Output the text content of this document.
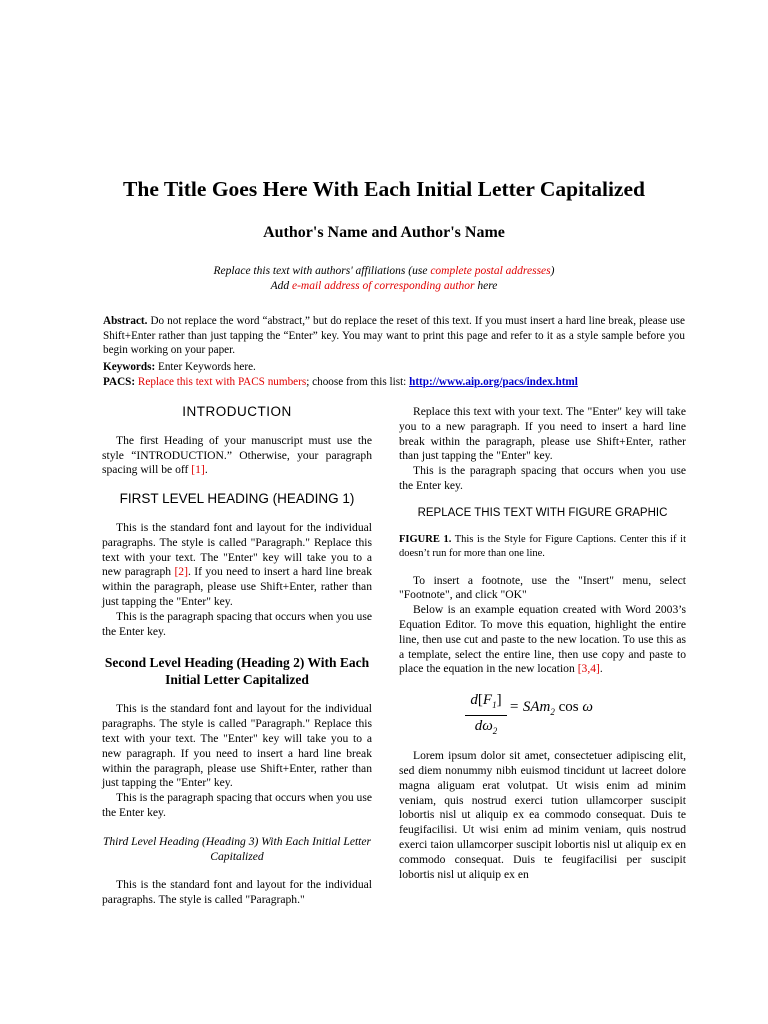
The Title Goes Here With Each Initial Letter Capitalized
Author's Name and Author's Name
Replace this text with authors' affiliations (use complete postal addresses)
Add e-mail address of corresponding author here

Abstract. Do not replace the word “abstract,” but do replace the reset of this text. If you must insert a hard line break, please use Shift+Enter rather than just tapping the “Enter” key. You may want to print this page and refer to it as a style sample before you begin working on your paper.

Keywords: Enter Keywords here.
PACS: Replace this text with PACS numbers; choose from this list: http://www.aip.org/pacs/index.html
INTRODUCTION

The first Heading of your manuscript must use the style “INTRODUCTION.” Otherwise, your paragraph spacing will be off [1].

FIRST LEVEL HEADING (HEADING 1)

This is the standard font and layout for the individual paragraphs. The style is called "Paragraph." Replace this text with your text. The "Enter" key will take you to a new paragraph [2]. If you need to insert a hard line break within the paragraph, please use Shift+Enter, rather than just tapping the "Enter" key.

This is the paragraph spacing that occurs when you use the Enter key.

Second Level Heading (Heading 2) With Each Initial Letter Capitalized

This is the standard font and layout for the individual paragraphs. The style is called "Paragraph." Replace this text with your text. The "Enter" key will take you to a new paragraph. If you need to insert a hard line break within the paragraph, please use Shift+Enter, rather than just tapping the "Enter" key.

This is the paragraph spacing that occurs when you use the Enter key.

Third Level Heading (Heading 3) With Each Initial Letter Capitalized

This is the standard font and layout for the individual paragraphs. The style is called "Paragraph."

Replace this text with your text. The "Enter" key will take you to a new paragraph. If you need to insert a hard line break within the paragraph, please use Shift+Enter, rather than just tapping the "Enter" key.

This is the paragraph spacing that occurs when you use the Enter key.

REPLACE THIS TEXT WITH FIGURE GRAPHIC

FIGURE 1. This is the Style for Figure Captions. Center this if it doesn’t run for more than one line.

To insert a footnote, use the "Insert" menu, select "Footnote", and click "OK"

Below is an example equation created with Word 2003’s Equation Editor. To move this equation, highlight the entire line, then use cut and paste to the new location. To use this as a template, select the entire line, then use copy and paste to place the equation in the new location [3,4].

$d[F_1]$
$d\omega_2$
= SAm$_2$ cos ω

Lorem ipsum dolor sit amet, consectetuer adipiscing elit, sed diem nonummy nibh euismod tincidunt ut lacreet dolore magna aliguam erat volutpat. Ut wisis enim ad minim veniam, quis nostrud exerci tution ullamcorper suscipit lobortis nisl ut aliquip ex ea commodo consequat. Duis te feugifacilisi. Ut wisi enim ad minim veniam, quis nostrud exerci taion ullamcorper suscipit lobortis nisl ut aliquip ex en commodo consequat. Duis te feugifacilisi per suscipit lobortis nisl ut aliquip ex en
